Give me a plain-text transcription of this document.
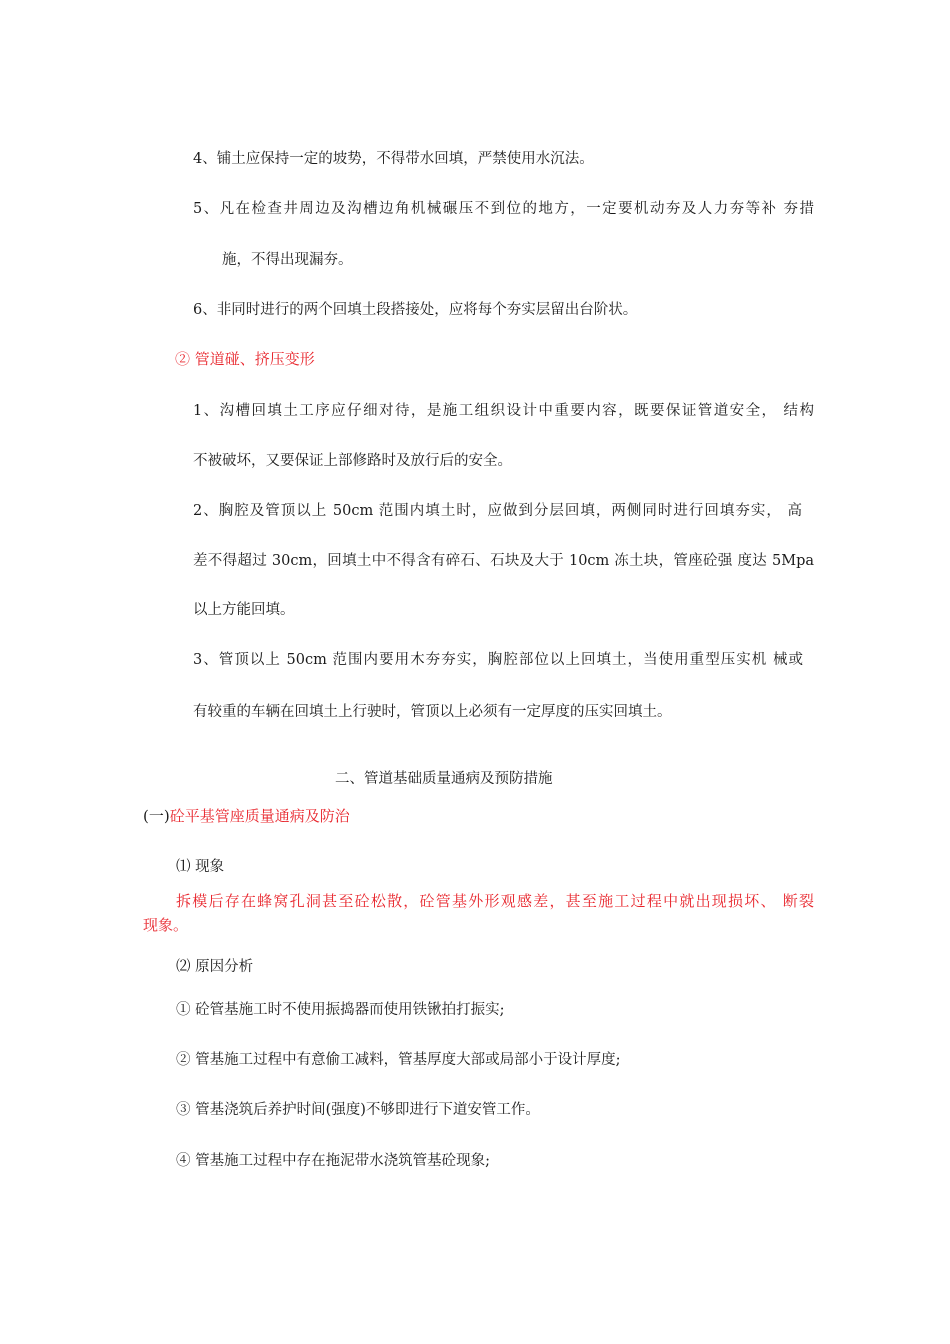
4、铺土应保持一定的坡势，不得带水回填，严禁使用水沉法。
5、凡在检查井周边及沟槽边角机械碾压不到位的地方，一定要机动夯及人力夯等补 夯措
施，不得出现漏夯。
6、非同时进行的两个回填土段搭接处，应将每个夯实层留出台阶状。
② 管道碰、挤压变形
1、沟槽回填土工序应仔细对待，是施工组织设计中重要内容，既要保证管道安全， 结构
不被破坏，又要保证上部修路时及放行后的安全。
2、胸腔及管顶以上 50cm 范围内填土时，应做到分层回填，两侧同时进行回填夯实， 高
差不得超过 30cm，回填土中不得含有碎石、石块及大于 10cm 冻土块，管座砼强 度达 5Mpa
以上方能回填。
3、管顶以上 50cm 范围内要用木夯夯实，胸腔部位以上回填土，当使用重型压实机 械或
有较重的车辆在回填土上行驶时，管顶以上必须有一定厚度的压实回填土。
二、管道基础质量通病及预防措施
(一)砼平基管座质量通病及防治
⑴ 现象
拆模后存在蜂窝孔洞甚至砼松散，砼管基外形观感差，甚至施工过程中就出现损坏、 断裂
现象。
⑵ 原因分析
① 砼管基施工时不使用振捣器而使用铁锹拍打振实;
② 管基施工过程中有意偷工减料，管基厚度大部或局部小于设计厚度;
③ 管基浇筑后养护时间(强度)不够即进行下道安管工作。
④ 管基施工过程中存在拖泥带水浇筑管基砼现象;
